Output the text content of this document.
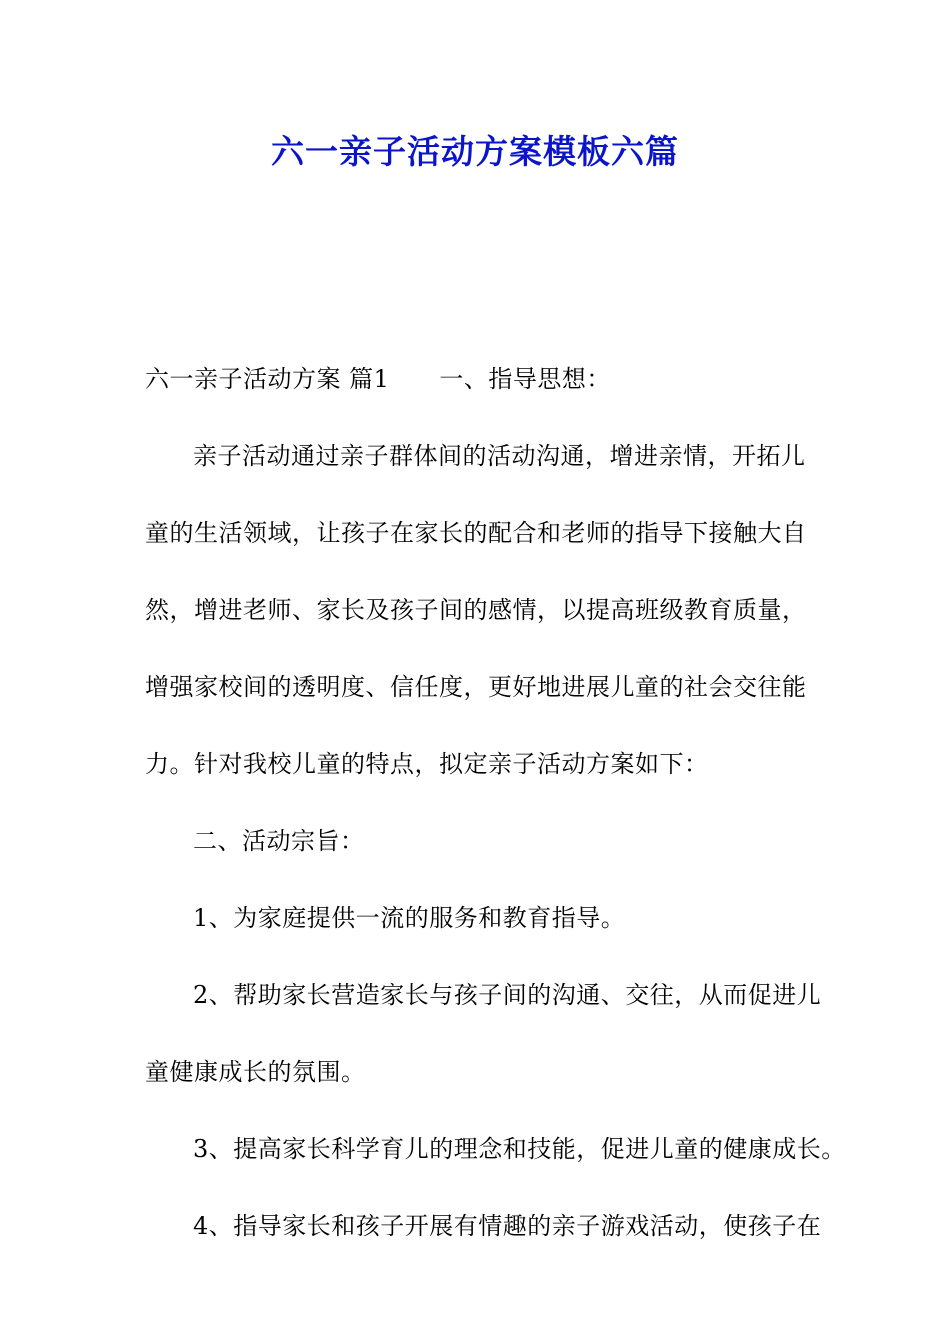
六一亲子活动方案模板六篇

六一亲子活动方案 篇1 一、指导思想：

亲子活动通过亲子群体间的活动沟通，增进亲情，开拓儿

童的生活领域，让孩子在家长的配合和老师的指导下接触大自

然，增进老师、家长及孩子间的感情，以提高班级教育质量，

增强家校间的透明度、信任度，更好地进展儿童的社会交往能

力。针对我校儿童的特点，拟定亲子活动方案如下：

二、活动宗旨：

1、为家庭提供一流的服务和教育指导。

2、帮助家长营造家长与孩子间的沟通、交往，从而促进儿

童健康成长的氛围。

3、提高家长科学育儿的理念和技能，促进儿童的健康成长。

4、指导家长和孩子开展有情趣的亲子游戏活动，使孩子在
